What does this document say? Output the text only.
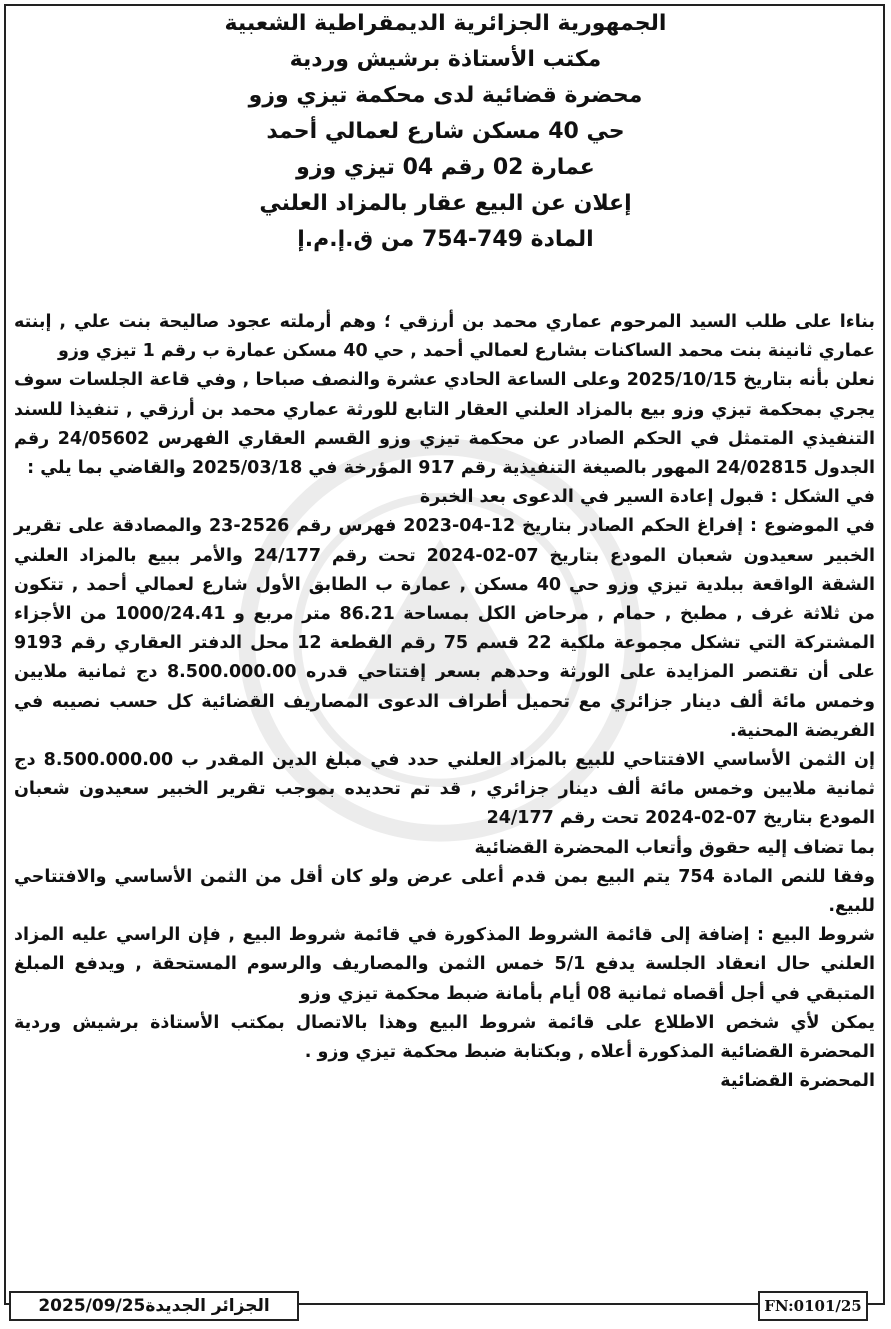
الجمهورية الجزائرية الديمقراطية الشعبية
مكتب الأستاذة برشيش وردية
محضرة قضائية لدى محكمة تيزي وزو
حي 40 مسكن شارع لعمالي أحمد
عمارة 02 رقم 04 تيزي وزو
إعلان عن البيع عقار بالمزاد العلني
المادة 749-754 من ق.إ.م.إ

بناءا على طلب السيد المرحوم عماري محمد بن أرزقي ؛ وهم أرملته عجود صاليحة بنت علي , إبنته عماري ثانينة بنت محمد الساكنات بشارع لعمالي أحمد , حي 40 مسكن عمارة ب رقم 1 تيزي وزو

نعلن بأنه بتاريخ 2025/10/15 وعلى الساعة الحادي عشرة والنصف صباحا , وفي قاعة الجلسات سوف يجري بمحكمة تيزي وزو بيع بالمزاد العلني العقار التابع للورثة عماري محمد بن أرزقي , تنفيذا للسند التنفيذي المتمثل في الحكم الصادر عن محكمة تيزي وزو القسم العقاري الفهرس 24/05602 رقم الجدول 24/02815 المهور بالصيغة التنفيذية رقم 917 المؤرخة في 2025/03/18 والقاضي بما يلي :

في الشكل : قبول إعادة السير في الدعوى بعد الخبرة

في الموضوع : إفراغ الحكم الصادر بتاريخ 12-04-2023 فهرس رقم 2526-23 والمصادقة على تقرير الخبير سعيدون شعبان المودع بتاريخ 07-02-2024 تحت رقم 24/177 والأمر ببيع بالمزاد العلني الشقة الواقعة ببلدية تيزي وزو حي 40 مسكن , عمارة ب الطابق الأول شارع لعمالي أحمد , تتكون من ثلاثة غرف , مطبخ , حمام , مرحاض الكل بمساحة 86.21 متر مربع و 1000/24.41 من الأجزاء المشتركة التي تشكل مجموعة ملكية 22 قسم 75 رقم القطعة 12 محل الدفتر العقاري رقم 9193 على أن تقتصر المزايدة على الورثة وحدهم بسعر إفتتاحي قدره 8.500.000.00 دج ثمانية ملايين وخمس مائة ألف دينار جزائري مع تحميل أطراف الدعوى المصاريف القضائية كل حسب نصيبه في الفريضة المحنية.

إن الثمن الأساسي الافتتاحي للبيع بالمزاد العلني حدد في مبلغ الدين المقدر ب 8.500.000.00 دج ثمانية ملايين وخمس مائة ألف دينار جزائري , قد تم تحديده بموجب تقرير الخبير سعيدون شعبان المودع بتاريخ 07-02-2024 تحت رقم 24/177

بما تضاف إليه حقوق وأتعاب المحضرة القضائية

وفقا للنص المادة 754 يتم البيع بمن قدم أعلى عرض ولو كان أقل من الثمن الأساسي والافتتاحي للبيع.

شروط البيع : إضافة إلى قائمة الشروط المذكورة في قائمة شروط البيع , فإن الراسي عليه المزاد العلني حال انعقاد الجلسة يدفع 5/1 خمس الثمن والمصاريف والرسوم المستحقة , ويدفع المبلغ المتبقي في أجل أقصاه ثمانية 08 أيام بأمانة ضبط محكمة تيزي وزو

يمكن لأي شخص الاطلاع على قائمة شروط البيع وهذا بالاتصال بمكتب الأستاذة برشيش وردية المحضرة القضائية المذكورة أعلاه , وبكتابة ضبط محكمة تيزي وزو .

المحضرة القضائية

الجزائر الجديدة2025/09/25	FN:0101/25
